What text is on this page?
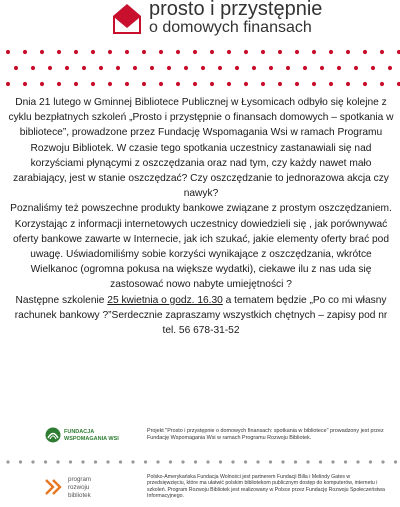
prosto i przystępnie
o domowych finansach

Dnia 21 lutego w Gminnej Bibliotece Publicznej w Łysomicach odbyło się kolejne z cyklu bezpłatnych szkoleń „Prosto i przystępnie o finansach domowych – spotkania w bibliotece”, prowadzone przez Fundację Wspomagania Wsi w ramach Programu Rozwoju Bibliotek. W czasie tego spotkania uczestnicy zastanawiali się nad korzyściami płynącymi z oszczędzania oraz nad tym, czy każdy nawet mało zarabiający, jest w stanie oszczędzać? Czy oszczędzanie to jednorazowa akcja czy nawyk?

Poznaliśmy też powszechne produkty bankowe związane z prostym oszczędzaniem. Korzystając z informacji internetowych uczestnicy dowiedzieli się , jak porównywać oferty bankowe zawarte w Internecie, jak ich szukać, jakie elementy oferty brać pod uwagę. Uświadomiliśmy sobie korzyści wynikające z oszczędzania, wkrótce Wielkanoc (ogromna pokusa na większe wydatki), ciekawe ilu z nas uda się zastosować nowo nabyte umiejętności ?

Następne szkolenie 25 kwietnia o godz. 16.30 a tematem będzie „Po co mi własny rachunek bankowy ?”Serdecznie zapraszamy wszystkich chętnych – zapisy pod nr tel. 56 678-31-52

FUNDACJA
WSPOMAGANIA WSI
Projekt "Prosto i przystępnie o domowych finansach: spotkania w bibliotece" prowadzony jest przez Fundację Wspomagania Wsi w ramach Programu Rozwoju Bibliotek.
program
rozwoju
bibliotek
Polsko-Amerykańska Fundacja Wolności jest partnerem Fundacji Billa i Melindy Gates w przedsięwzięciu, które ma ułatwić polskim bibliotekom publicznym dostęp do komputerów, internetu i szkoleń. Program Rozwoju Bibliotek jest realizowany w Polsce przez Fundację Rozwoju Społeczeństwa Informacyjnego.
